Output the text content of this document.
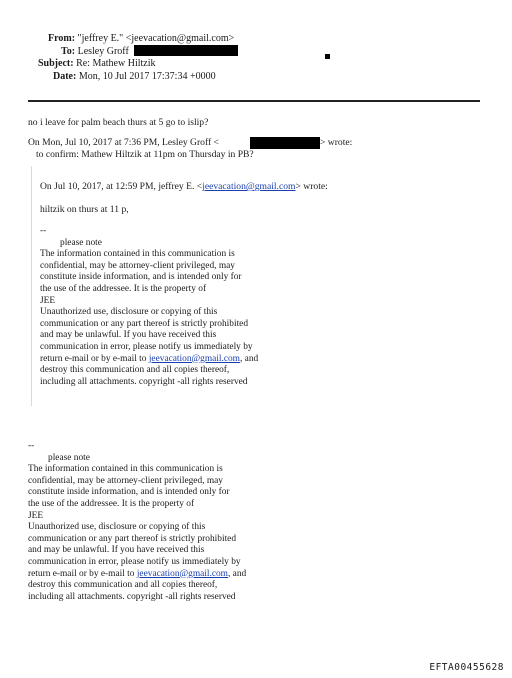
From: "jeffrey E." <jeevacation@gmail.com>
To: Lesley Groff
Subject: Re: Mathew Hiltzik
Date: Mon, 10 Jul 2017 17:37:34 +0000
no i leave for palm beach thurs at 5 go to islip?
On Mon, Jul 10, 2017 at 7:36 PM, Lesley Groff <	> wrote:
to confirm: Mathew Hiltzik at 11pm on Thursday in PB?
On Jul 10, 2017, at 12:59 PM, jeffrey E. <jeevacation@gmail.com> wrote:
hiltzik on thurs at 11 p,
--
please note
The information contained in this communication is
confidential, may be attorney-client privileged, may
constitute inside information, and is intended only for
the use of the addressee. It is the property of
JEE
Unauthorized use, disclosure or copying of this
communication or any part thereof is strictly prohibited
and may be unlawful. If you have received this
communication in error, please notify us immediately by
return e-mail or by e-mail to jeevacation@gmail.com, and
destroy this communication and all copies thereof,
including all attachments. copyright -all rights reserved
--
please note
The information contained in this communication is
confidential, may be attorney-client privileged, may
constitute inside information, and is intended only for
the use of the addressee. It is the property of
JEE
Unauthorized use, disclosure or copying of this
communication or any part thereof is strictly prohibited
and may be unlawful. If you have received this
communication in error, please notify us immediately by
return e-mail or by e-mail to jeevacation@gmail.com, and
destroy this communication and all copies thereof,
including all attachments. copyright -all rights reserved
EFTA00455628
